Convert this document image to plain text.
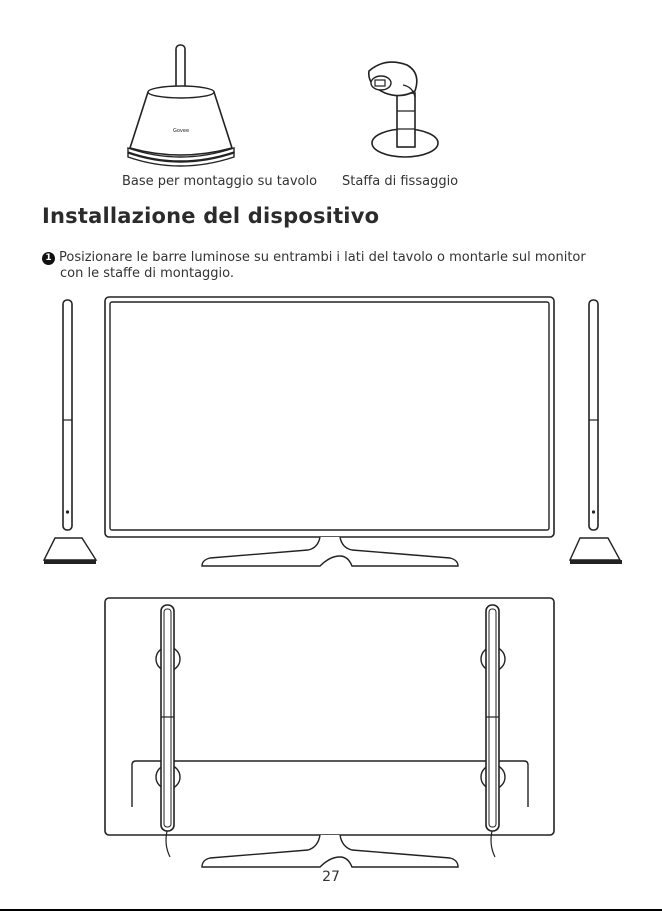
Govee
Base per montaggio su tavolo Staffa di fissaggio
Installazione del dispositivo
1 Posizionare le barre luminose su entrambi i lati del tavolo o montarle sul monitor
con le staffe di montaggio.
27
